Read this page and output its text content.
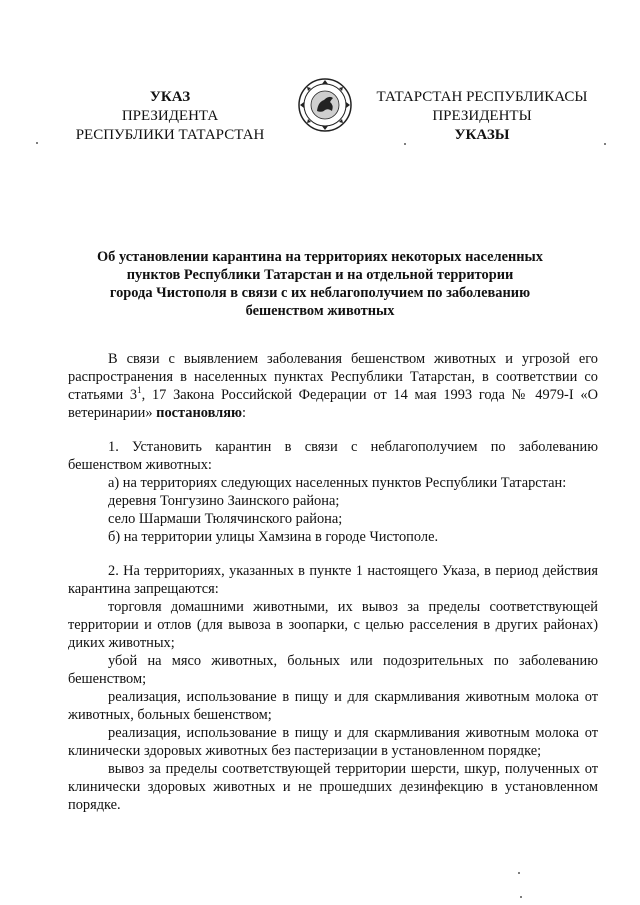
УКАЗ
ПРЕЗИДЕНТА
РЕСПУБЛИКИ ТАТАРСТАН
ТАТАРСТАН РЕСПУБЛИКАСЫ
ПРЕЗИДЕНТЫ
УКАЗЫ
Об установлении карантина на территориях некоторых населенных
пунктов Республики Татарстан и на отдельной территории
города Чистополя в связи с их неблагополучием по заболеванию
бешенством животных

В связи с выявлением заболевания бешенством животных и угрозой его распространения в населенных пунктах Республики Татарстан, в соответствии со статьями $3^1$, 17 Закона Российской Федерации от 14 мая 1993 года № 4979-I «О ветеринарии» постановляю:

1. Установить карантин в связи с неблагополучием по заболеванию бешенством животных:

а) на территориях следующих населенных пунктов Республики Татарстан:

деревня Тонгузино Заинского района;

село Шармаши Тюлячинского района;

б) на территории улицы Хамзина в городе Чистополе.

2. На территориях, указанных в пункте 1 настоящего Указа, в период действия карантина запрещаются:

торговля домашними животными, их вывоз за пределы соответствующей территории и отлов (для вывоза в зоопарки, с целью расселения в других районах) диких животных;

убой на мясо животных, больных или подозрительных по заболеванию бешенством;

реализация, использование в пищу и для скармливания животным молока от животных, больных бешенством;

реализация, использование в пищу и для скармливания животным молока от клинически здоровых животных без пастеризации в установленном порядке;

вывоз за пределы соответствующей территории шерсти, шкур, полученных от клинически здоровых животных и не прошедших дезинфекцию в установленном порядке.
